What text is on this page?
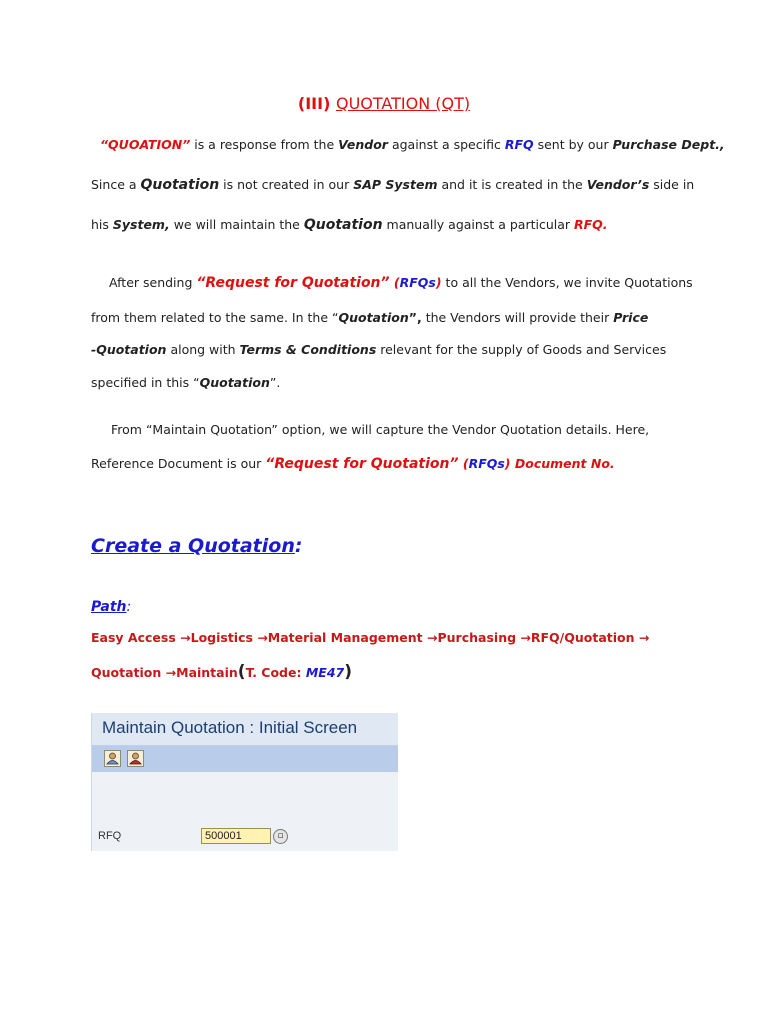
(III) QUOTATION (QT)
“QUOATION” is a response from the Vendor against a specific RFQ sent by our Purchase Dept.,
Since a Quotation is not created in our SAP System and it is created in the Vendor’s side in
his System, we will maintain the Quotation manually against a particular RFQ.
After sending “Request for Quotation” (RFQs) to all the Vendors, we invite Quotations
from them related to the same. In the “Quotation”, the Vendors will provide their Price
-Quotation along with Terms & Conditions relevant for the supply of Goods and Services
specified in this “Quotation”.
From “Maintain Quotation” option, we will capture the Vendor Quotation details. Here,
Reference Document is our “Request for Quotation” (RFQs) Document No.
Create a Quotation:
Path:
Easy Access →Logistics →Material Management →Purchasing →RFQ/Quotation →
Quotation →Maintain(T. Code: ME47)
Maintain Quotation : Initial Screen
RFQ	500001	▫
